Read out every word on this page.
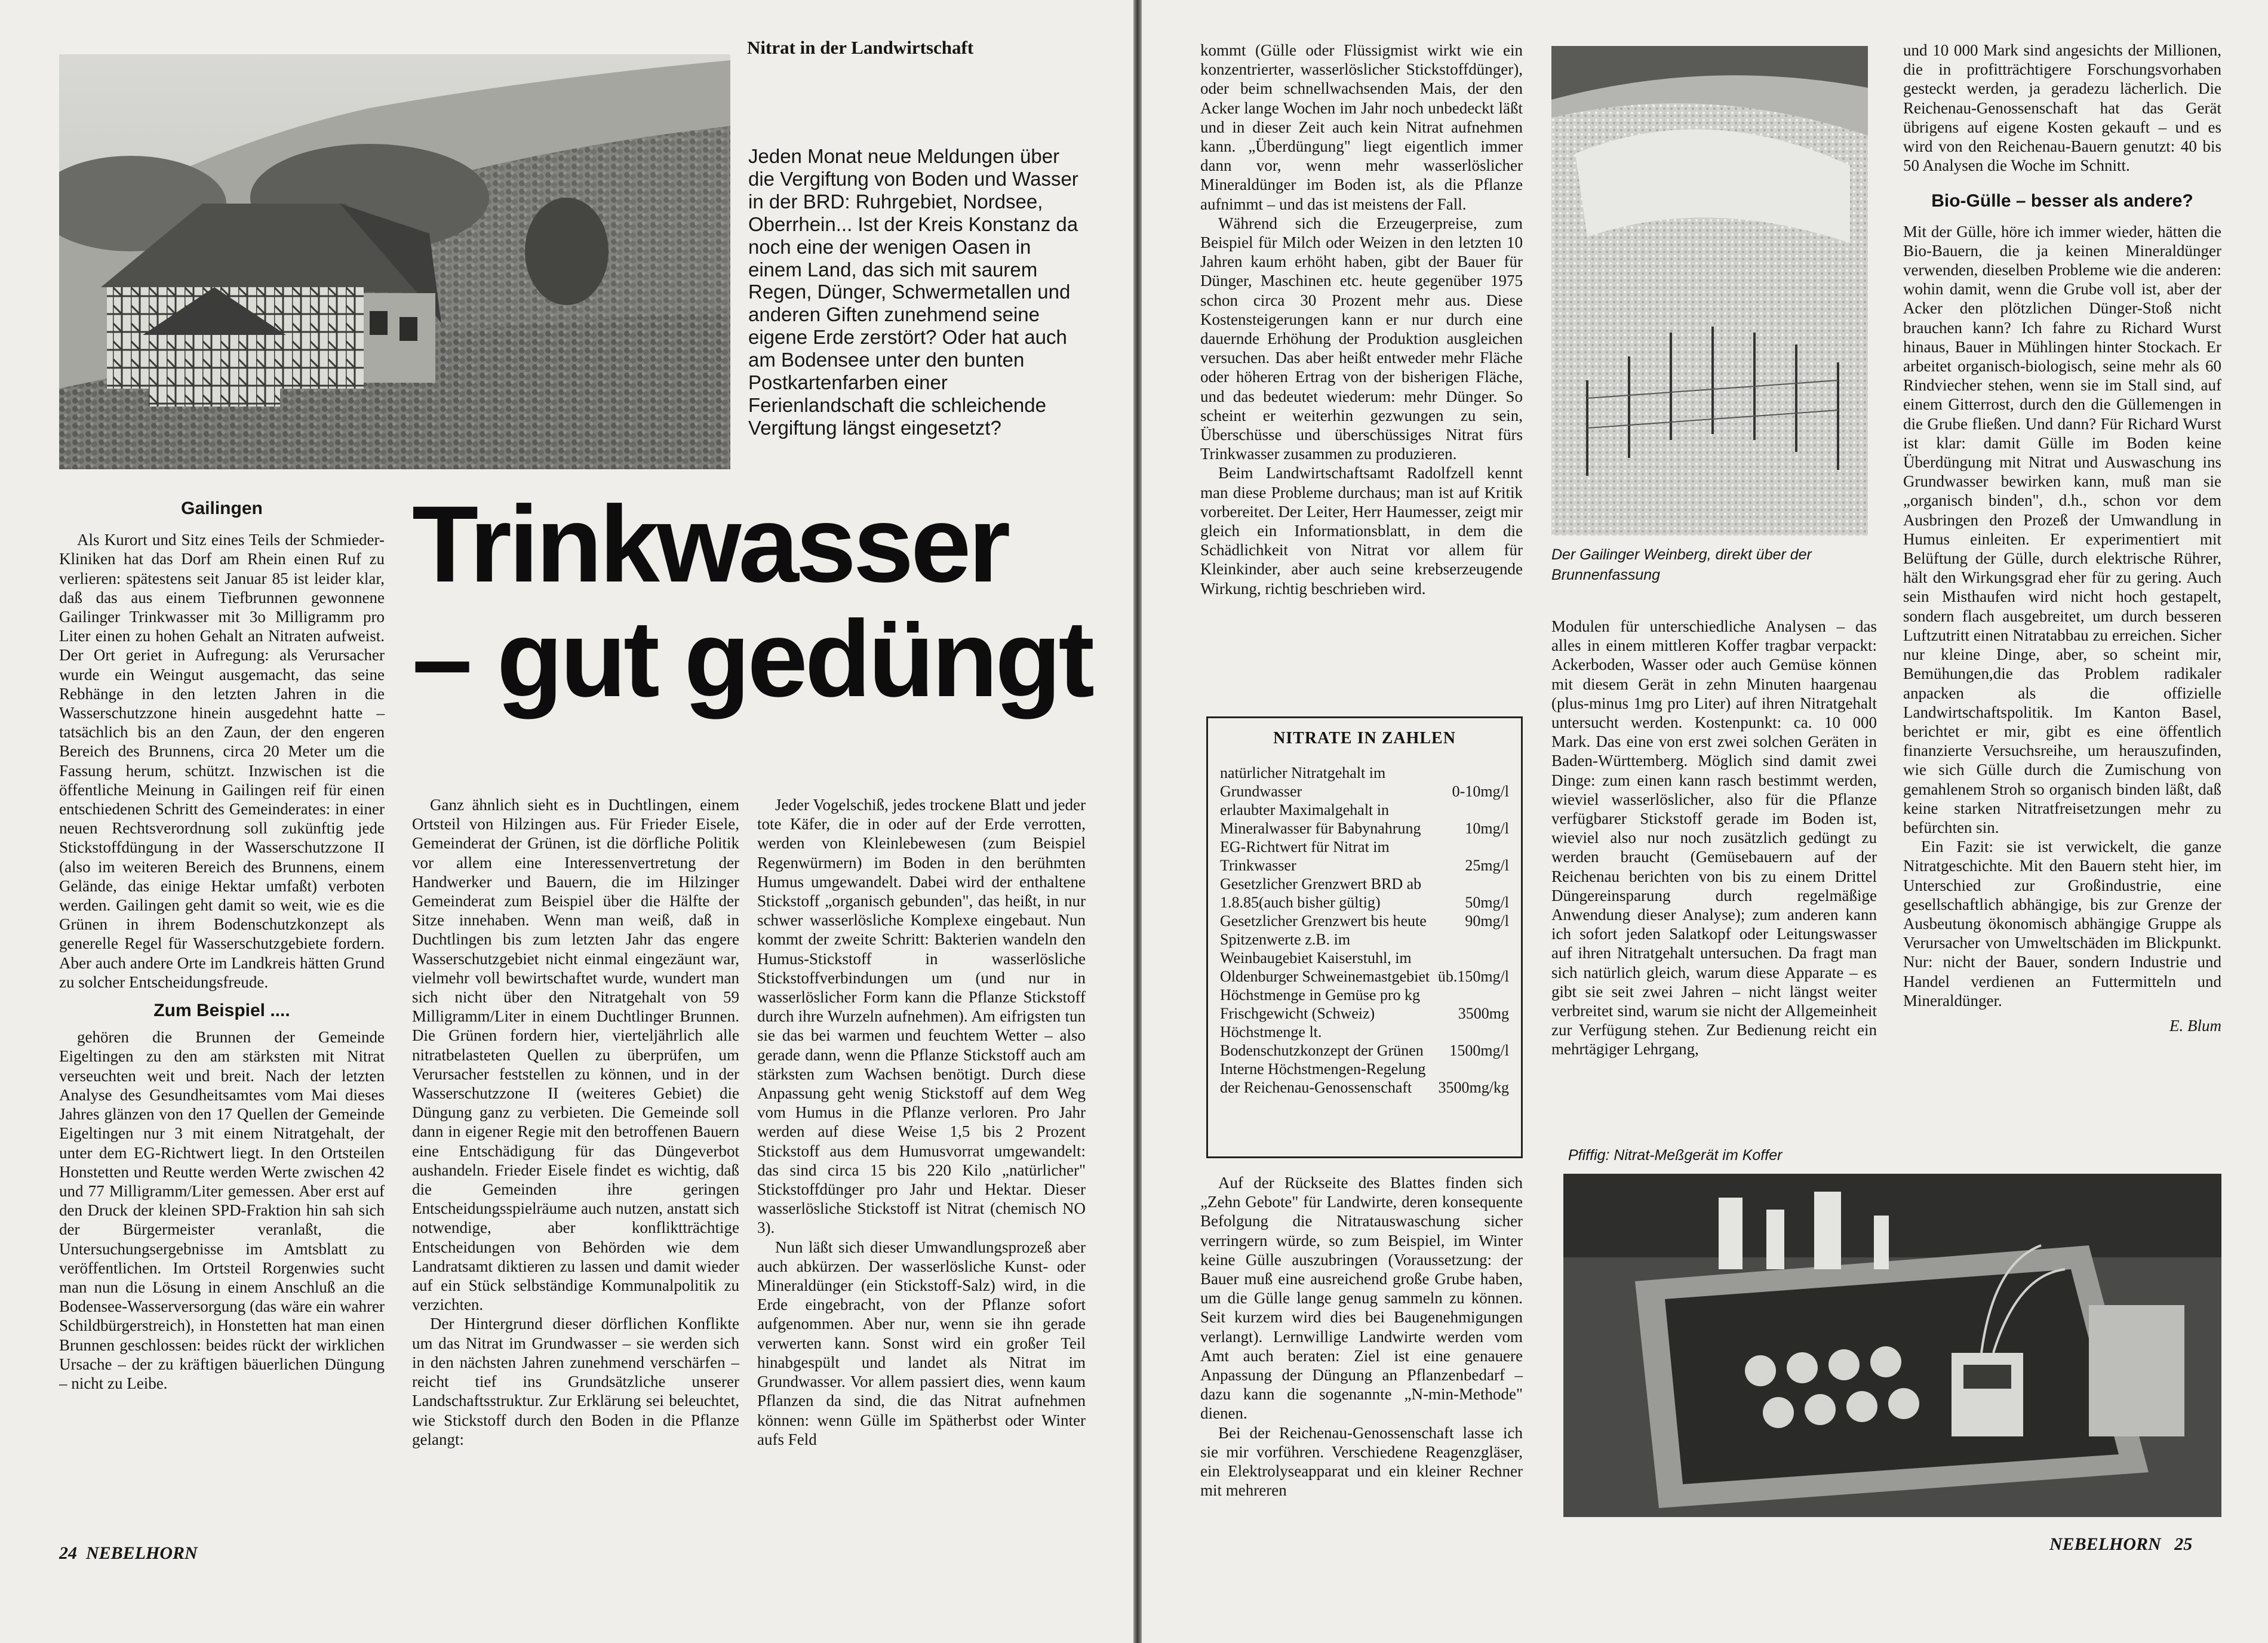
Nitrat in der Landwirtschaft

Jeden Monat neue Meldungen über die Vergiftung von Boden und Wasser in der BRD: Ruhrgebiet, Nordsee, Oberrhein... Ist der Kreis Konstanz da noch eine der wenigen Oasen in einem Land, das sich mit saurem Regen, Dünger, Schwermetallen und anderen Giften zunehmend seine eigene Erde zerstört? Oder hat auch am Bodensee unter den bunten Postkartenfarben einer Ferienlandschaft die schleichende Vergiftung längst eingesetzt?

Trinkwasser
– gut gedüngt

Gailingen

Als Kurort und Sitz eines Teils der Schmieder-Kliniken hat das Dorf am Rhein einen Ruf zu verlieren: spätestens seit Januar 85 ist leider klar, daß das aus einem Tiefbrunnen gewonnene Gailinger Trinkwasser mit 3o Milligramm pro Liter einen zu hohen Gehalt an Nitraten aufweist. Der Ort geriet in Aufregung: als Verursacher wurde ein Weingut ausgemacht, das seine Rebhänge in den letzten Jahren in die Wasserschutzzone hinein ausgedehnt hatte – tatsächlich bis an den Zaun, der den engeren Bereich des Brunnens, circa 20 Meter um die Fassung herum, schützt. Inzwischen ist die öffentliche Meinung in Gailingen reif für einen entschiedenen Schritt des Gemeinderates: in einer neuen Rechtsverordnung soll zukünftig jede Stickstoffdüngung in der Wasserschutzzone II (also im weiteren Bereich des Brunnens, einem Gelände, das einige Hektar umfaßt) verboten werden. Gailingen geht damit so weit, wie es die Grünen in ihrem Bodenschutzkonzept als generelle Regel für Wasserschutzgebiete fordern. Aber auch andere Orte im Landkreis hätten Grund zu solcher Entscheidungsfreude.

Zum Beispiel ....

gehören die Brunnen der Gemeinde Eigeltingen zu den am stärksten mit Nitrat verseuchten weit und breit. Nach der letzten Analyse des Gesundheitsamtes vom Mai dieses Jahres glänzen von den 17 Quellen der Gemeinde Eigeltingen nur 3 mit einem Nitratgehalt, der unter dem EG-Richtwert liegt. In den Ortsteilen Honstetten und Reutte werden Werte zwischen 42 und 77 Milligramm/Liter gemessen. Aber erst auf den Druck der kleinen SPD-Fraktion hin sah sich der Bürgermeister veranlaßt, die Untersuchungsergebnisse im Amtsblatt zu veröffentlichen. Im Ortsteil Rorgenwies sucht man nun die Lösung in einem Anschluß an die Bodensee-Wasserversorgung (das wäre ein wahrer Schildbürgerstreich), in Honstetten hat man einen Brunnen geschlossen: beides rückt der wirklichen Ursache – der zu kräftigen bäuerlichen Düngung – nicht zu Leibe.

Ganz ähnlich sieht es in Duchtlingen, einem Ortsteil von Hilzingen aus. Für Frieder Eisele, Gemeinderat der Grünen, ist die dörfliche Politik vor allem eine Interessenvertretung der Handwerker und Bauern, die im Hilzinger Gemeinderat zum Beispiel über die Hälfte der Sitze innehaben. Wenn man weiß, daß in Duchtlingen bis zum letzten Jahr das engere Wasserschutzgebiet nicht einmal eingezäunt war, vielmehr voll bewirtschaftet wurde, wundert man sich nicht über den Nitratgehalt von 59 Milligramm/Liter in einem Duchtlinger Brunnen. Die Grünen fordern hier, vierteljährlich alle nitratbelasteten Quellen zu überprüfen, um Verursacher feststellen zu können, und in der Wasserschutzzone II (weiteres Gebiet) die Düngung ganz zu verbieten. Die Gemeinde soll dann in eigener Regie mit den betroffenen Bauern eine Entschädigung für das Düngeverbot aushandeln. Frieder Eisele findet es wichtig, daß die Gemeinden ihre geringen Entscheidungsspielräume auch nutzen, anstatt sich notwendige, aber konfliktträchtige Entscheidungen von Behörden wie dem Landratsamt diktieren zu lassen und damit wieder auf ein Stück selbständige Kommunalpolitik zu verzichten.

Der Hintergrund dieser dörflichen Konflikte um das Nitrat im Grundwasser – sie werden sich in den nächsten Jahren zunehmend verschärfen – reicht tief ins Grundsätzliche unserer Landschaftsstruktur. Zur Erklärung sei beleuchtet, wie Stickstoff durch den Boden in die Pflanze gelangt:

Jeder Vogelschiß, jedes trockene Blatt und jeder tote Käfer, die in oder auf der Erde verrotten, werden von Kleinlebewesen (zum Beispiel Regenwürmern) im Boden in den berühmten Humus umgewandelt. Dabei wird der enthaltene Stickstoff „organisch gebunden", das heißt, in nur schwer wasserlösliche Komplexe eingebaut. Nun kommt der zweite Schritt: Bakterien wandeln den Humus-Stickstoff in wasserlösliche Stickstoffverbindungen um (und nur in wasserlöslicher Form kann die Pflanze Stickstoff durch ihre Wurzeln aufnehmen). Am eifrigsten tun sie das bei warmen und feuchtem Wetter – also gerade dann, wenn die Pflanze Stickstoff auch am stärksten zum Wachsen benötigt. Durch diese Anpassung geht wenig Stickstoff auf dem Weg vom Humus in die Pflanze verloren. Pro Jahr werden auf diese Weise 1,5 bis 2 Prozent Stickstoff aus dem Humusvorrat umgewandelt: das sind circa 15 bis 220 Kilo „natürlicher" Stickstoffdünger pro Jahr und Hektar. Dieser wasserlösliche Stickstoff ist Nitrat (chemisch NO 3).

Nun läßt sich dieser Umwandlungsprozeß aber auch abkürzen. Der wasserlösliche Kunst- oder Mineraldünger (ein Stickstoff-Salz) wird, in die Erde eingebracht, von der Pflanze sofort aufgenommen. Aber nur, wenn sie ihn gerade verwerten kann. Sonst wird ein großer Teil hinabgespült und landet als Nitrat im Grundwasser. Vor allem passiert dies, wenn kaum Pflanzen da sind, die das Nitrat aufnehmen können: wenn Gülle im Spätherbst oder Winter aufs Feld

24 NEBELHORN

kommt (Gülle oder Flüssigmist wirkt wie ein konzentrierter, wasserlöslicher Stickstoffdünger), oder beim schnellwachsenden Mais, der den Acker lange Wochen im Jahr noch unbedeckt läßt und in dieser Zeit auch kein Nitrat aufnehmen kann. „Überdüngung" liegt eigentlich immer dann vor, wenn mehr wasserlöslicher Mineraldünger im Boden ist, als die Pflanze aufnimmt – und das ist meistens der Fall.

Während sich die Erzeugerpreise, zum Beispiel für Milch oder Weizen in den letzten 10 Jahren kaum erhöht haben, gibt der Bauer für Dünger, Maschinen etc. heute gegenüber 1975 schon circa 30 Prozent mehr aus. Diese Kostensteigerungen kann er nur durch eine dauernde Erhöhung der Produktion ausgleichen versuchen. Das aber heißt entweder mehr Fläche oder höheren Ertrag von der bisherigen Fläche, und das bedeutet wiederum: mehr Dünger. So scheint er weiterhin gezwungen zu sein, Überschüsse und überschüssiges Nitrat fürs Trinkwasser zusammen zu produzieren.

Beim Landwirtschaftsamt Radolfzell kennt man diese Probleme durchaus; man ist auf Kritik vorbereitet. Der Leiter, Herr Haumesser, zeigt mir gleich ein Informationsblatt, in dem die Schädlichkeit von Nitrat vor allem für Kleinkinder, aber auch seine krebserzeugende Wirkung, richtig beschrieben wird.

NITRATE IN ZAHLEN
natürlicher Nitratgehalt im Grundwasser	0-10mg/l
erlaubter Maximalgehalt in Mineralwasser für Babynahrung	10mg/l
EG-Richtwert für Nitrat im Trinkwasser	25mg/l
Gesetzlicher Grenzwert BRD ab 1.8.85(auch bisher gültig)	50mg/l
Gesetzlicher Grenzwert bis heute 90mg/l
Spitzenwerte z.B. im Weinbaugebiet Kaiserstuhl, im Oldenburger Schweinemastgebiet üb.150mg/l
Höchstmenge in Gemüse pro kg Frischgewicht (Schweiz)	3500mg
Höchstmenge lt. Bodenschutzkonzept der Grünen	1500mg/l
Interne Höchstmengen-Regelung der Reichenau-Genossenschaft	3500mg/kg

Auf der Rückseite des Blattes finden sich „Zehn Gebote" für Landwirte, deren konsequente Befolgung die Nitratauswaschung sicher verringern würde, so zum Beispiel, im Winter keine Gülle auszubringen (Voraussetzung: der Bauer muß eine ausreichend große Grube haben, um die Gülle lange genug sammeln zu können. Seit kurzem wird dies bei Baugenehmigungen verlangt). Lernwillige Landwirte werden vom Amt auch beraten: Ziel ist eine genauere Anpassung der Düngung an Pflanzenbedarf – dazu kann die sogenannte „N-min-Methode" dienen.

Bei der Reichenau-Genossenschaft lasse ich sie mir vorführen. Verschiedene Reagenzgläser, ein Elektrolyseapparat und ein kleiner Rechner mit mehreren

Der Gailinger Weinberg, direkt über der Brunnenfassung

Modulen für unterschiedliche Analysen – das alles in einem mittleren Koffer tragbar verpackt: Ackerboden, Wasser oder auch Gemüse können mit diesem Gerät in zehn Minuten haargenau (plus-minus 1mg pro Liter) auf ihren Nitratgehalt untersucht werden. Kostenpunkt: ca. 10 000 Mark. Das eine von erst zwei solchen Geräten in Baden-Württemberg. Möglich sind damit zwei Dinge: zum einen kann rasch bestimmt werden, wieviel wasserlöslicher, also für die Pflanze verfügbarer Stickstoff gerade im Boden ist, wieviel also nur noch zusätzlich gedüngt zu werden braucht (Gemüsebauern auf der Reichenau berichten von bis zu einem Drittel Düngereinsparung durch regelmäßige Anwendung dieser Analyse); zum anderen kann ich sofort jeden Salatkopf oder Leitungswasser auf ihren Nitratgehalt untersuchen. Da fragt man sich natürlich gleich, warum diese Apparate – es gibt sie seit zwei Jahren – nicht längst weiter verbreitet sind, warum sie nicht der Allgemeinheit zur Verfügung stehen. Zur Bedienung reicht ein mehrtägiger Lehrgang,

und 10 000 Mark sind angesichts der Millionen, die in profitträchtigere Forschungsvorhaben gesteckt werden, ja geradezu lächerlich. Die Reichenau-Genossenschaft hat das Gerät übrigens auf eigene Kosten gekauft – und es wird von den Reichenau-Bauern genutzt: 40 bis 50 Analysen die Woche im Schnitt.

Bio-Gülle – besser als andere?

Mit der Gülle, höre ich immer wieder, hätten die Bio-Bauern, die ja keinen Mineraldünger verwenden, dieselben Probleme wie die anderen: wohin damit, wenn die Grube voll ist, aber der Acker den plötzlichen Dünger-Stoß nicht brauchen kann? Ich fahre zu Richard Wurst hinaus, Bauer in Mühlingen hinter Stockach. Er arbeitet organisch-biologisch, seine mehr als 60 Rindviecher stehen, wenn sie im Stall sind, auf einem Gitterrost, durch den die Güllemengen in die Grube fließen. Und dann? Für Richard Wurst ist klar: damit Gülle im Boden keine Überdüngung mit Nitrat und Auswaschung ins Grundwasser bewirken kann, muß man sie „organisch binden", d.h., schon vor dem Ausbringen den Prozeß der Umwandlung in Humus einleiten. Er experimentiert mit Belüftung der Gülle, durch elektrische Rührer, hält den Wirkungsgrad eher für zu gering. Auch sein Misthaufen wird nicht hoch gestapelt, sondern flach ausgebreitet, um durch besseren Luftzutritt einen Nitratabbau zu erreichen. Sicher nur kleine Dinge, aber, so scheint mir, Bemühungen,die das Problem radikaler anpacken als die offizielle Landwirtschaftspolitik. Im Kanton Basel, berichtet er mir, gibt es eine öffentlich finanzierte Versuchsreihe, um herauszufinden, wie sich Gülle durch die Zumischung von gemahlenem Stroh so organisch binden läßt, daß keine starken Nitratfreisetzungen mehr zu befürchten sin.

Ein Fazit: sie ist verwickelt, die ganze Nitratgeschichte. Mit den Bauern steht hier, im Unterschied zur Großindustrie, eine gesellschaftlich abhängige, bis zur Grenze der Ausbeutung ökonomisch abhängige Gruppe als Verursacher von Umweltschäden im Blickpunkt. Nur: nicht der Bauer, sondern Industrie und Handel verdienen an Futtermitteln und Mineraldünger.

E. Blum

Pfiffig: Nitrat-Meßgerät im Koffer
NEBELHORN 25
